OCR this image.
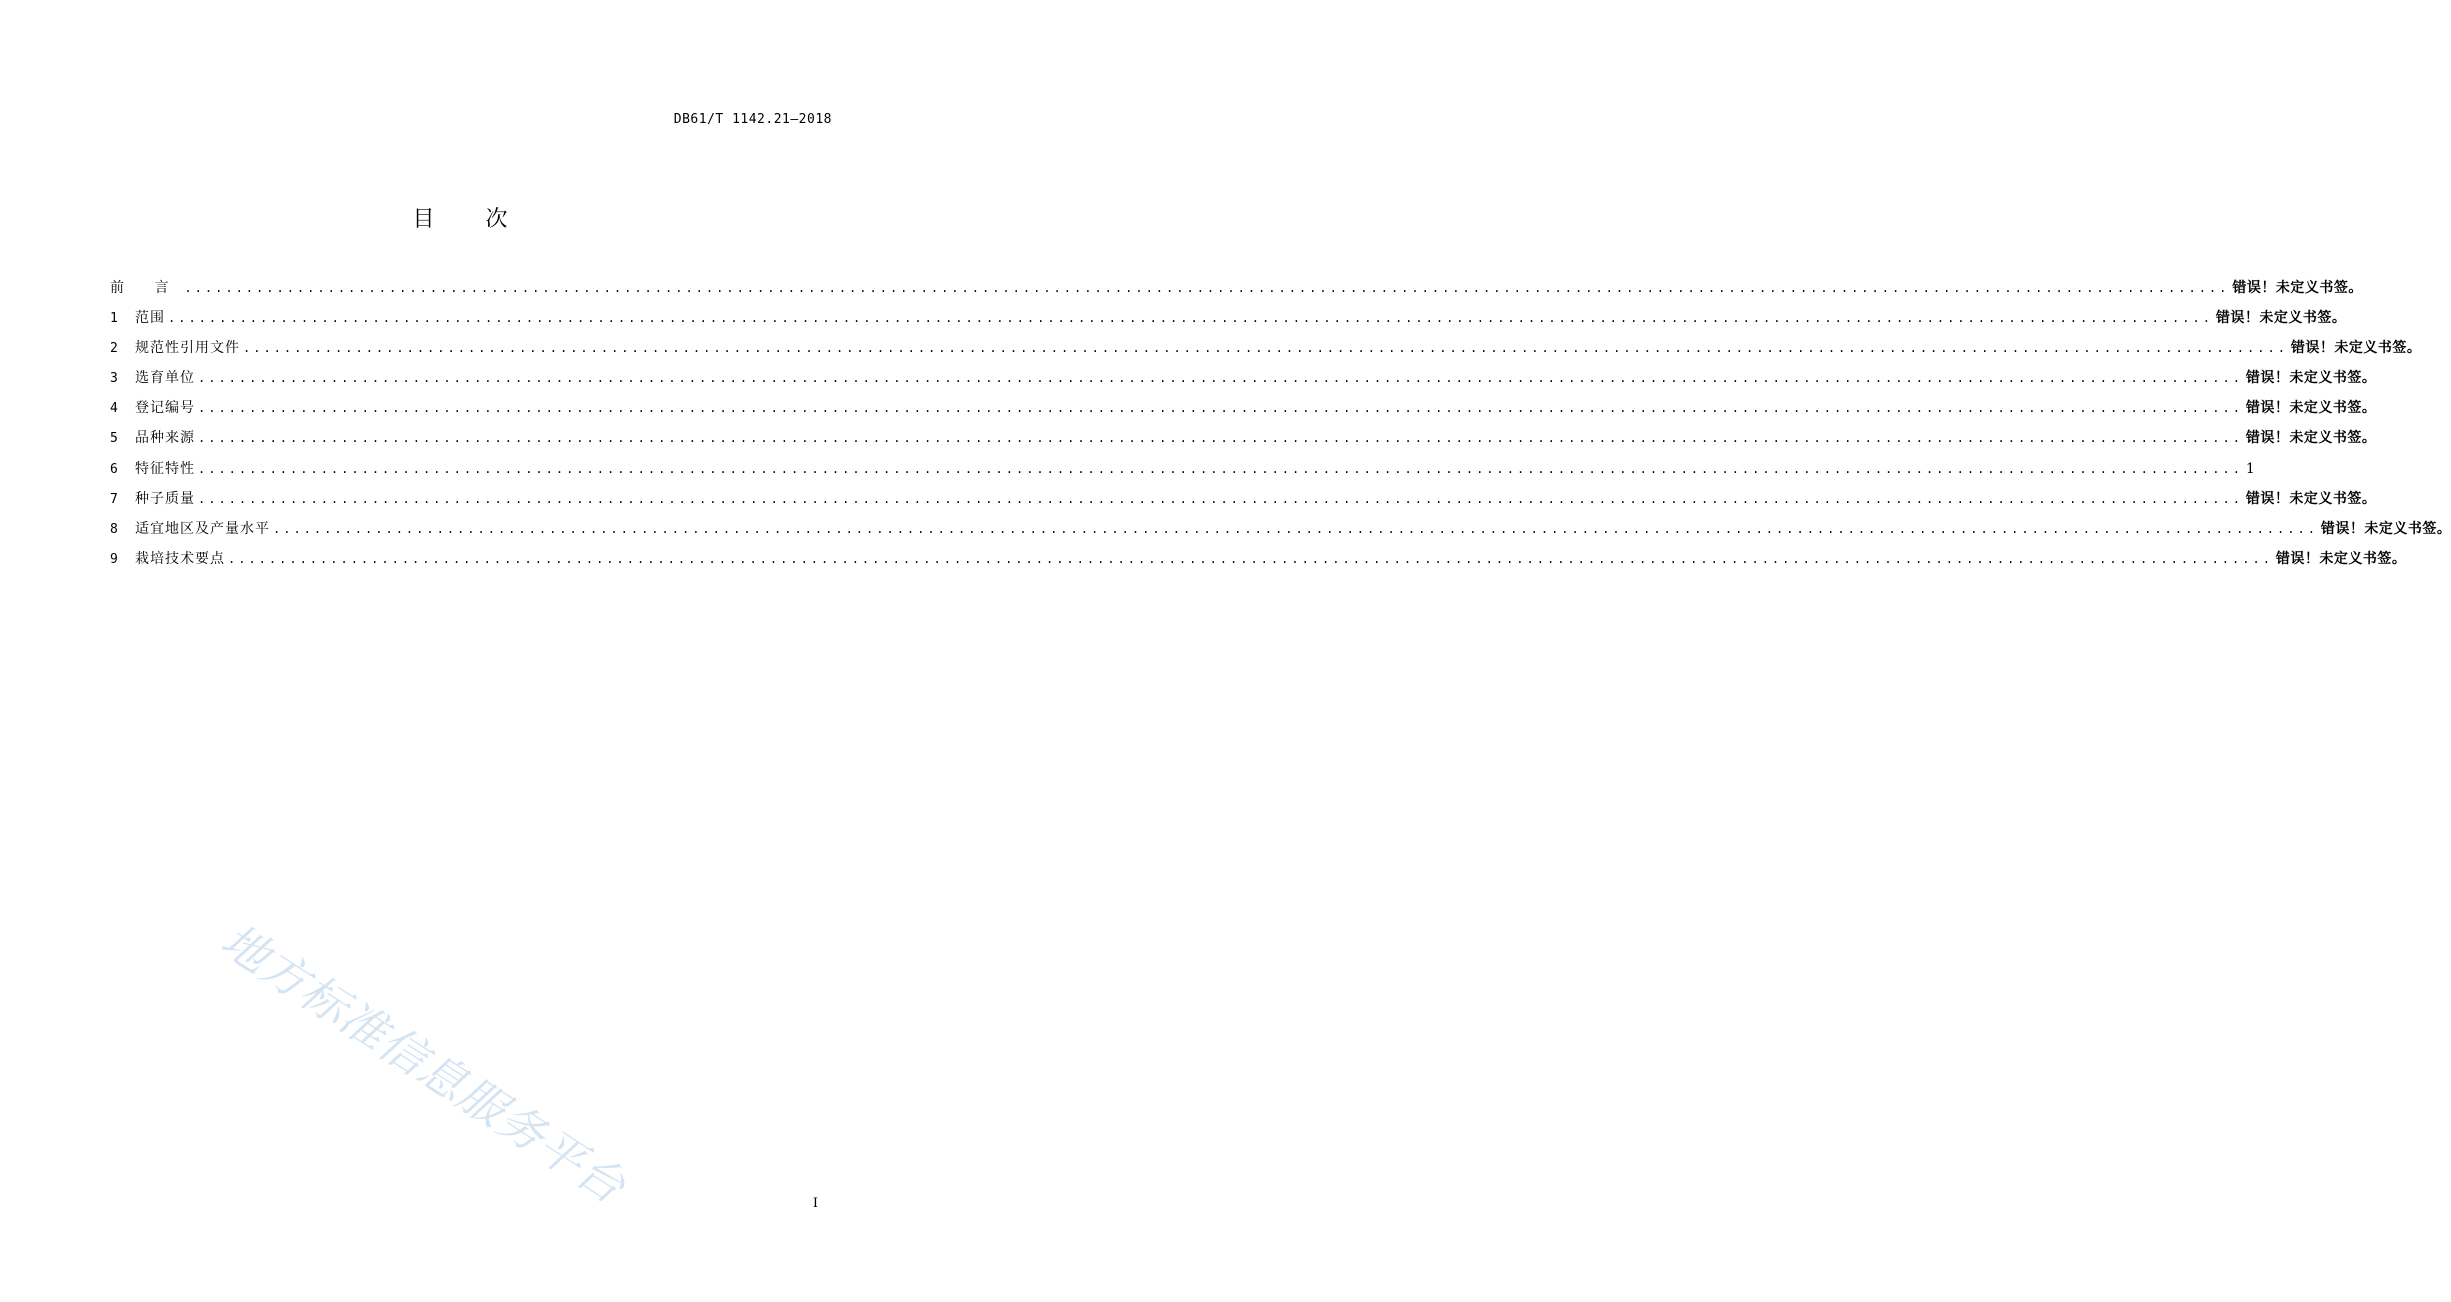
DB61/T 1142.21—2018
目 次
前 言 ........................................................................................................................................................................................................ 错误！未定义书签。
1	范围 ........................................................................................................................................................................................................ 错误！未定义书签。
2	规范性引用文件 ........................................................................................................................................................................................................ 错误！未定义书签。
3	选育单位 ........................................................................................................................................................................................................ 错误！未定义书签。
4	登记编号 ........................................................................................................................................................................................................ 错误！未定义书签。
5	品种来源 ........................................................................................................................................................................................................ 错误！未定义书签。
6	特征特性 ........................................................................................................................................................................................................ 1
7	种子质量 ........................................................................................................................................................................................................ 错误！未定义书签。
8	适宜地区及产量水平 ........................................................................................................................................................................................................ 错误！未定义书签。
9	栽培技术要点 ........................................................................................................................................................................................................ 错误！未定义书签。
地方标准信息服务平台	I
